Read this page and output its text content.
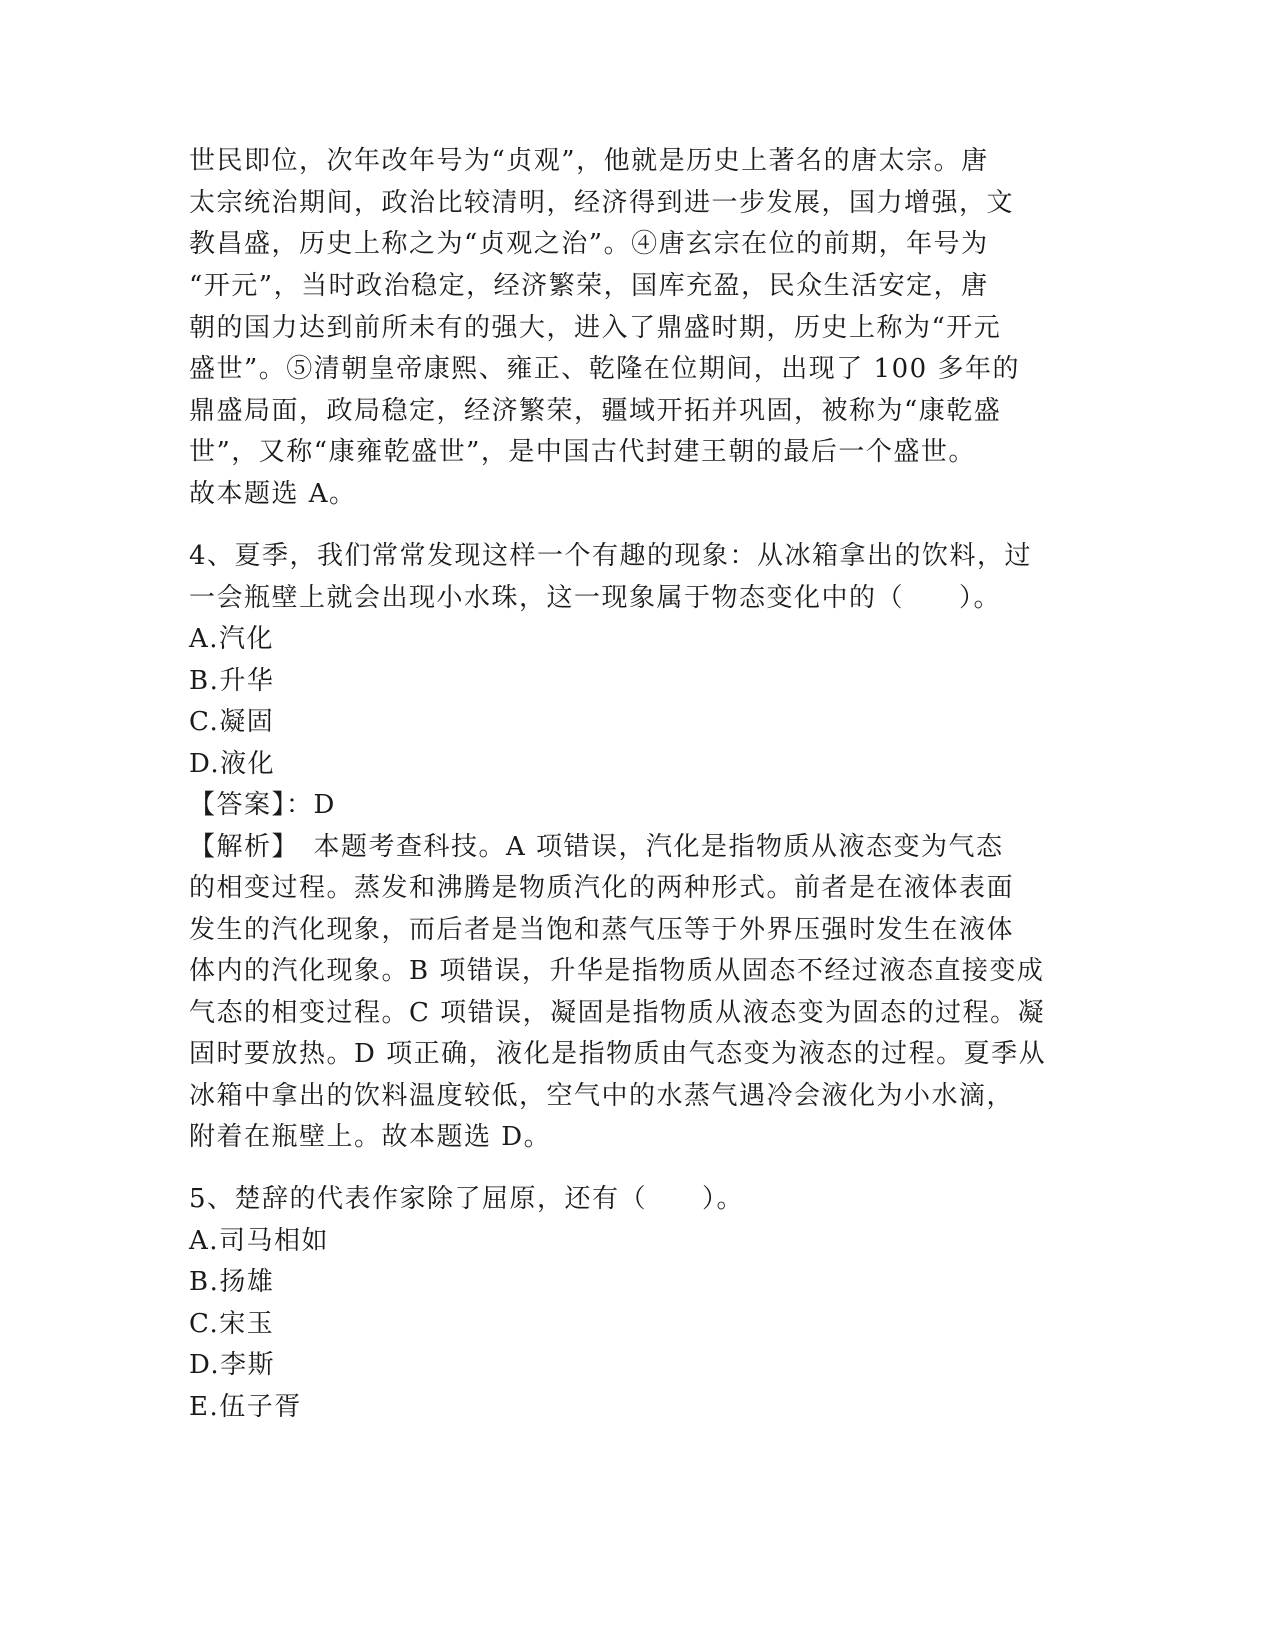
世民即位，次年改年号为“贞观”，他就是历史上著名的唐太宗。唐
太宗统治期间，政治比较清明，经济得到进一步发展，国力增强，文
教昌盛，历史上称之为“贞观之治”。④唐玄宗在位的前期，年号为
“开元”，当时政治稳定，经济繁荣，国库充盈，民众生活安定，唐
朝的国力达到前所未有的强大，进入了鼎盛时期，历史上称为“开元
盛世”。⑤清朝皇帝康熙、雍正、乾隆在位期间，出现了 100 多年的
鼎盛局面，政局稳定，经济繁荣，疆域开拓并巩固，被称为“康乾盛
世”，又称“康雍乾盛世”，是中国古代封建王朝的最后一个盛世。
故本题选 A。
4、夏季，我们常常发现这样一个有趣的现象：从冰箱拿出的饮料，过
一会瓶壁上就会出现小水珠，这一现象属于物态变化中的（　　）。
A.汽化
B.升华
C.凝固
D.液化
【答案】：D
【解析】　本题考查科技。A 项错误，汽化是指物质从液态变为气态
的相变过程。蒸发和沸腾是物质汽化的两种形式。前者是在液体表面
发生的汽化现象，而后者是当饱和蒸气压等于外界压强时发生在液体
体内的汽化现象。B 项错误，升华是指物质从固态不经过液态直接变成
气态的相变过程。C 项错误，凝固是指物质从液态变为固态的过程。凝
固时要放热。D 项正确，液化是指物质由气态变为液态的过程。夏季从
冰箱中拿出的饮料温度较低，空气中的水蒸气遇冷会液化为小水滴，
附着在瓶壁上。故本题选 D。
5、楚辞的代表作家除了屈原，还有（　　）。
A.司马相如
B.扬雄
C.宋玉
D.李斯
E.伍子胥
